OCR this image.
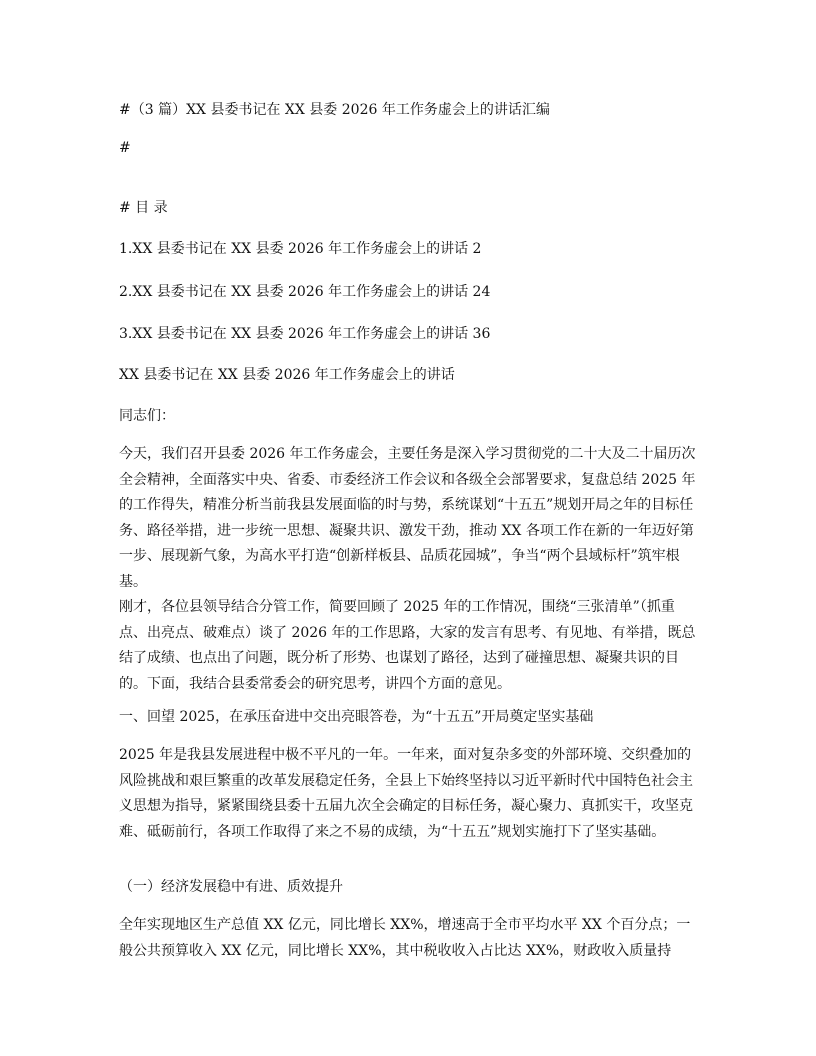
#（3 篇）XX 县委书记在 XX 县委 2026 年工作务虚会上的讲话汇编
#
# 目 录
1.XX 县委书记在 XX 县委 2026 年工作务虚会上的讲话 2
2.XX 县委书记在 XX 县委 2026 年工作务虚会上的讲话 24
3.XX 县委书记在 XX 县委 2026 年工作务虚会上的讲话 36
XX 县委书记在 XX 县委 2026 年工作务虚会上的讲话
同志们：

今天，我们召开县委 2026 年工作务虚会，主要任务是深入学习贯彻党的二十大及二十届历次全会精神，全面落实中央、省委、市委经济工作会议和各级全会部署要求，复盘总结 2025 年的工作得失，精准分析当前我县发展面临的时与势，系统谋划“十五五”规划开局之年的目标任务、路径举措，进一步统一思想、凝聚共识、激发干劲，推动 XX 各项工作在新的一年迈好第一步、展现新气象，为高水平打造“创新样板县、品质花园城”，争当“两个县域标杆”筑牢根基。

刚才，各位县领导结合分管工作，简要回顾了 2025 年的工作情况，围绕“三张清单”（抓重点、出亮点、破难点）谈了 2026 年的工作思路，大家的发言有思考、有见地、有举措，既总结了成绩、也点出了问题，既分析了形势、也谋划了路径，达到了碰撞思想、凝聚共识的目的。下面，我结合县委常委会的研究思考，讲四个方面的意见。

一、回望 2025，在承压奋进中交出亮眼答卷，为“十五五”开局奠定坚实基础

2025 年是我县发展进程中极不平凡的一年。一年来，面对复杂多变的外部环境、交织叠加的风险挑战和艰巨繁重的改革发展稳定任务，全县上下始终坚持以习近平新时代中国特色社会主义思想为指导，紧紧围绕县委十五届九次全会确定的目标任务，凝心聚力、真抓实干，攻坚克难、砥砺前行，各项工作取得了来之不易的成绩，为“十五五”规划实施打下了坚实基础。

（一）经济发展稳中有进、质效提升

全年实现地区生产总值 XX 亿元，同比增长 XX%，增速高于全市平均水平 XX 个百分点；一般公共预算收入 XX 亿元，同比增长 XX%，其中税收收入占比达 XX%，财政收入质量持
